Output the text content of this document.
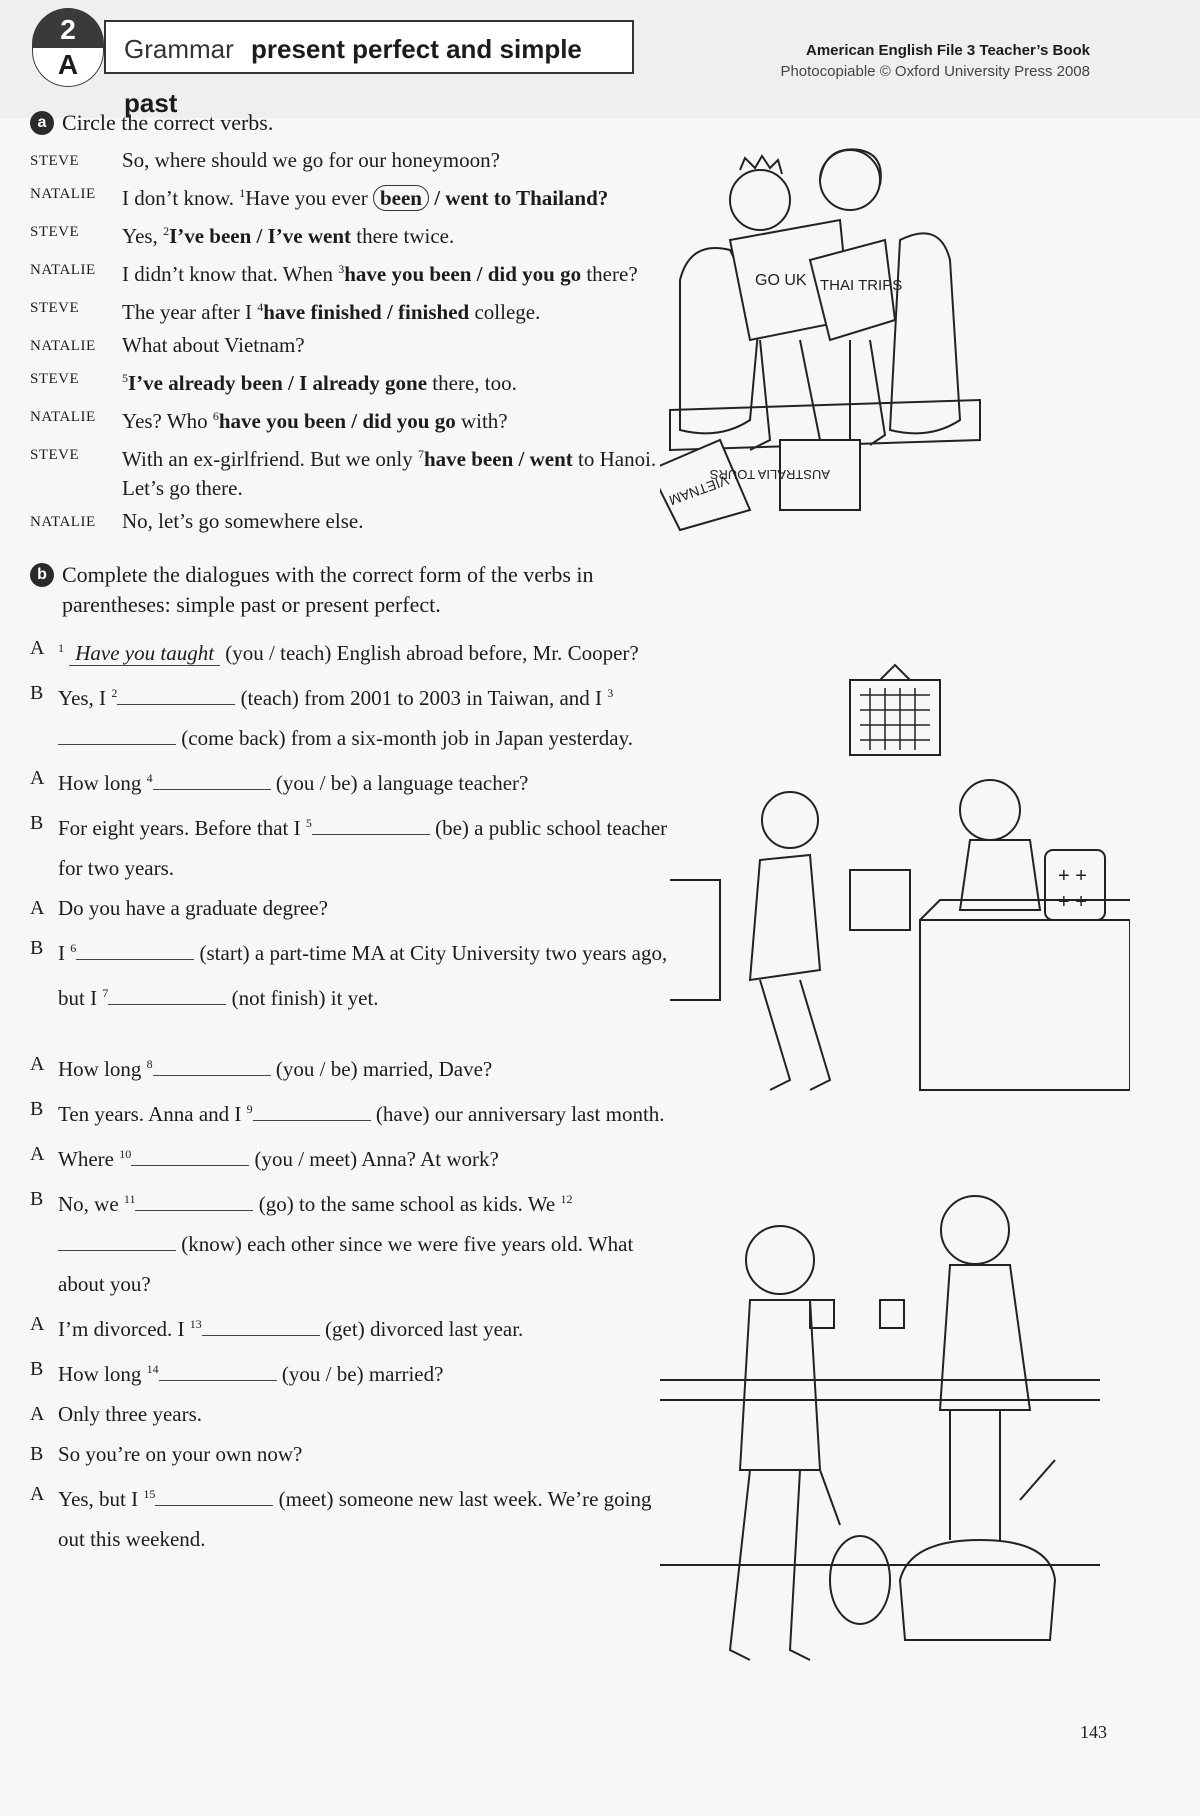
2
A	Grammar present perfect and simple past
American English File 3 Teacher’s Book
Photocopiable © Oxford University Press 2008
a Circle the correct verbs.
STEVE	So, where should we go for our honeymoon?
NATALIE	I don’t know. $^1$Have you ever been / went to Thailand?
STEVE	Yes, $^2$I’ve been / I’ve went there twice.
NATALIE	I didn’t know that. When $^3$have you been / did you go there?
STEVE	The year after I $^4$have finished / finished college.
NATALIE	What about Vietnam?
STEVE	$^5$I’ve already been / I already gone there, too.
NATALIE	Yes? Who $^6$have you been / did you go with?
STEVE	With an ex-girlfriend. But we only $^7$have been / went to Hanoi. Let’s go there.
NATALIE	No, let’s go somewhere else.
b Complete the dialogues with the correct form of the verbs in parentheses: simple past or present perfect.
A	$^1$ Have you taught (you / teach) English abroad before, Mr. Cooper?
B Yes, I $^2$	(teach) from 2001 to 2003 in Taiwan, and I $^3$ (come back) from a six-month job in Japan yesterday.
A How long $^4$	(you / be) a language teacher?
B For eight years. Before that I $^5$	(be) a public school teacher for two years.
A Do you have a graduate degree?
B I $^6$	(start) a part-time MA at City University two years ago, but I $^7$	(not finish) it yet.
A How long $^8$	(you / be) married, Dave?
B Ten years. Anna and I $^9$	(have) our anniversary last month.
A Where $^{10}$	(you / meet) Anna? At work?
B No, we $^{11}$	(go) to the same school as kids. We $^{12}$ (know) each other since we were five years old. What about you?
A I’m divorced. I $^{13}$	(get) divorced last year.
B How long $^{14}$	(you / be) married?
A Only three years.
B So you’re on your own now?
A Yes, but I $^{15}$	(meet) someone new last week. We’re going out this weekend.
GO UK THAI TRIPS
VIETNAM
AUSTRALIA TOURS
+ +
+ +
143
